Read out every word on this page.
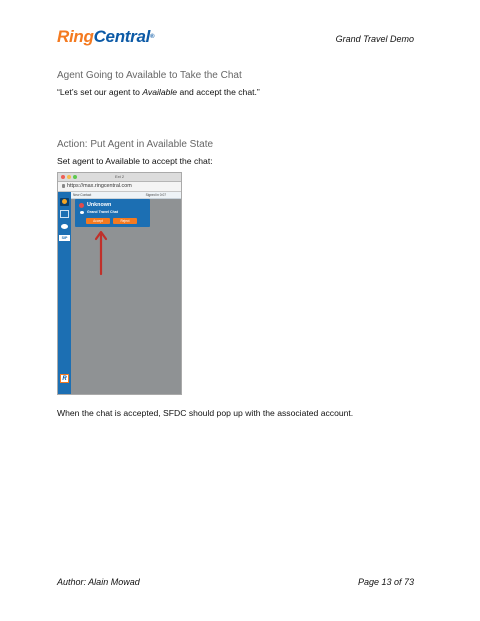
RingCentral®	Grand Travel Demo
Agent Going to Available to Take the Chat
“Let’s set our agent to Available and accept the chat.”
Action: Put Agent in Available State
Set agent to Available to accept the chat:
Ext 2
https://max.ringcentral.com
SIP
R
New Contact	Signed in 0:07
Unknown
Grand Travel Chat
Accept	Reject
When the chat is accepted, SFDC should pop up with the associated account.
Author: Alain Mowad	Page 13 of 73
